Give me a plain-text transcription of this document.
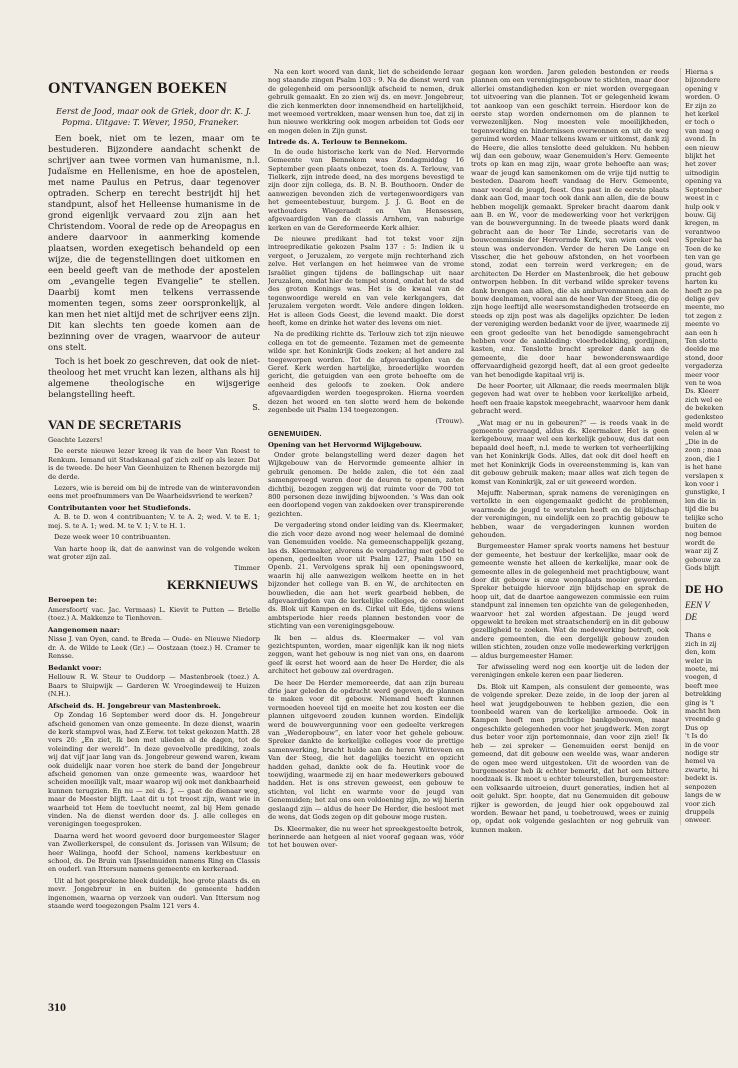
ONTVANGEN BOEKEN
Eerst de Jood, maar ook de Griek, door dr. K. J. Popma. Uitgave: T. Wever, 1950, Franeker.

Een boek, niet om te lezen, maar om te bestuderen. Bijzondere aandacht schenkt de schrijver aan twee vormen van humanisme, n.l. Judaïsme en Hellenisme, en hoe de apostelen, met name Paulus en Petrus, daar tegenover optraden. Scherp en terecht bestrijdt hij het standpunt, alsof het Helleense humanisme in de grond eigenlijk vervaard zou zijn aan het Christendom. Vooral de rede op de Areopagus en andere daarvoor in aanmerking komende plaatsen, worden exegetisch behandeld op een wijze, die de tegenstellingen doet uitkomen en een beeld geeft van de methode der apostelen om „evangelie tegen Evangelie” te stellen. Daarbij komt men telkens verrassende momenten tegen, soms zeer oorspronkelijk, al kan men het niet altijd met de schrijver eens zijn. Dit kan slechts ten goede komen aan de bezinning over de vragen, waarvoor de auteur ons stelt.

Toch is het boek zo geschreven, dat ook de niet-theoloog het met vrucht kan lezen, althans als hij algemene theologische en wijsgerige belangstelling heeft.

S.
VAN DE SECRETARIS

Geachte Lezers!

De eerste nieuwe lezer kreeg ik van de heer Van Roest te Renkum. Iemand uit Stadskanaal gaf zich zelf op als lezer. Dat is de tweede. De heer Van Geenhuizen te Rhenen bezorgde mij de derde.

Lezers, wie is bereid om bij de intrede van de winteravonden eens met proefnummers van De Waarheidsvriend te werken?

Contributanten voor het Studiefonds.

A. B. te D. won 4 contribuanten; V. te A. 2; wed. V. te E. 1; mej. S. te A. 1; wed. M. te V. 1; V. te H. 1.

Deze week weer 10 contribuanten.

Van harte hoop ik, dat de aanwinst van de volgende weken wat groter zijn zal.

Timmer
KERKNIEUWS
Beroepen te:

Amersfoort( vac. Jac. Vermaas) L. Kievit te Putten — Brielle (toez.) A. Makkenze te Tienhoven.

Aangenomen naar:

Nisse J. van Oyen, cand. te Breda — Oude- en Nieuwe Niedorp dr. A. de Wilde te Leek (Gr.) — Oostzaan (toez.) H. Cramer te Rensse.

Bedankt voor:

Hellouw R. W. Steur te Ouddorp — Mastenbroek (toez.) A. Baars te Sluipwijk — Garderen W. Vroegindeweij te Huizen (N.H.).

Afscheid ds. H. Jongebreur van Mastenbroek.

Op Zondag 16 September werd door ds. H. Jongebreur afscheid genomen van onze gemeente. In deze dienst, waarin de kerk stampvol was, had Z.Eerw. tot tekst gekozen Matth. 28 vers 20: „En ziet, Ik ben met ulieden al de dagen, tot de voleinding der wereld”. In deze gevoelvolle prediking, zoals wij dat vijf jaar lang van ds. Jongebreur gewend waren, kwam ook duidelijk naar voren hoe sterk de band der Jongebreur afscheid genomen van onze gemeente was, waardoor het scheiden moeilijk valt, maar waarop wij ook met dankbaarheid kunnen terugzien. En nu — zei ds. J. — gaat de dienaar weg, maar de Meester blijft. Laat dit u tot troost zijn, want wie in waarheid tot Hem de toevlucht neemt, zal bij Hem genade vinden. Na de dienst werden door ds. J. alle colleges en verenigingen toegesproken.

Daarna werd het woord gevoerd door burgemeester Slager van Zwollerkerspel, de consulent ds. Jorissen van Wilsum; de heer Walinga, hoofd der School, namens kerkbestuur en school, ds. De Bruin van IJsselmuiden namens Ring en Classis en ouderl. van Ittersum namens gemeente en kerkeraad.

Uit al het gesprokene bleek duidelijk, hoe grote plaats ds. en mevr. Jongebreur in en buiten de gemeente hadden ingenomen, waarna op verzoek van ouderl. Van Ittersum nog staande werd toegezongen Psalm 121 vers 4.

Na een kort woord van dank, liet de scheidende leraar nog staande zingen Psalm 103 : 9. Na de dienst werd van de gelegenheid om persoonlijk afscheid te nemen, druk gebruik gemaakt. En zo zien wij ds. en mevr. Jongebreur, die zich kenmerkten door innemendheid en hartelijkheid, met weemoed vertrekken, maar wensen hun toe, dat zij in hun nieuwe werkkring ook mogen arbeiden tot Gods eer en mogen delen in Zijn gunst.

Intrede ds. A. Terlouw te Bennekom.

In de oude historische kerk van de Ned. Hervormde Gemeente van Bennekom was Zondagmiddag 16 September geen plaats onbezet, toen ds. A. Terlouw, van Tielkerk, zijn intrede deed, na des morgens bevestigd te zijn door zijn collega, ds. B. N. B. Bouthoorn. Onder de aanwezigen bevonden zich de vertegenwoordigers van het gemeentebestuur, burgem. J. J. G. Boot en de wethouders Wiegeraadt en Van Hensessen, afgevaardigden van de classis Arnhem, van naburige kerken en van de Gereformeerde Kerk alhier.

De nieuwe predikant had tot tekst voor zijn intreepredikatie gekozen Psalm 137 : 5: Indien ik u vergeet, o Jeruzalem, zo vergete mijn rechterhand zich zelve. Het verlangen en het heimwee van de vrome Israëliet gingen tijdens de ballingschap uit naar Jeruzalem, omdat hier de tempel stond, omdat het de stad des groten Konings was. Het is de kwaal van de tegenwoordige wereld en van vele kerkgangers, dat Jeruzalem vergeten wordt. Vele andere dingen lokken. Het is alleen Gods Geest, die levend maakt. Die dorst heeft, kome en drinke het water des levens om niet.

Na de prediking richtte ds. Terlouw zich tot zijn nieuwe collega en tot de gemeente. Tezamen met de gemeente wilde spr. het Koninkrijk Gods zoeken; al het andere zal toegeworpen worden. Tot de afgevaardigden van de Geref. Kerk werden hartelijke, broederlijke woorden gericht, die getuigden van een grote behoefte om de eenheid des geloofs te zoeken. Ook andere afgevaardigden werden toegesproken. Hierna voerden dezen het woord en ten slotte werd hem de bekende zegenbede uit Psalm 134 toegezongen.

(Trouw).
GENEMUIDEN.
Opening van het Hervormd Wijkgebouw.

Onder grote belangstelling werd dezer dagen het Wijkgebouw van de Hervormde gemeente alhier in gebruik genomen. De helde zalen, die tot één zaal samengevoegd waren door de deuren te openen, zaten dichtbij, bezogen zeggen wij dat ruimte voor de 700 tot 800 personen deze inwijding bijwoonden. 's Was dan ook een doorlopend vegen van zakdoeken over transpirerende gezichten.

De vergadering stond onder leiding van ds. Kleermaker, die zich voor deze avond nog weer helemaal de dominé van Genemuiden voelde. Na gemeenschappelijk gezang, las ds. Kleermaker, alvorens de vergadering met gebed te openen, gedeelten voor uit Psalm 127, Psalm 150 en Openb. 21. Vervolgens sprak hij een openingswoord, waarin hij alle aanwezigen welkom heette en in het bijzonder het college van B. en W., de architecten en bouwlieden, die aan het werk gearbeid hebben, de afgevaardigden van de kerkelijke colleges, de consulent ds. Blok uit Kampen en ds. Cirkel uit Ede, tijdens wiens ambtsperiode hier reeds plannen bestonden voor de stichting van een verenigingsgebouw.

Ik ben — aldus ds. Kleermaker — vol van gezichtspunten, worden, maar eigenlijk kan ik nog niets zeggen, want het gebouw is nog niet van ons, en daarom geef ik eerst het woord aan de heer De Herder, die als architect het gebouw zal overdragen.

De heer De Herder memoreerde, dat aan zijn bureau drie jaar geleden de opdracht werd gegeven, de plannen te maken voor dit gebouw. Niemand heeft kunnen vermoeden hoeveel tijd en moeite het zou kosten eer die plannen uitgevoerd zouden kunnen worden. Eindelijk werd de bouwvergunning voor een gedeelte verkregen van „Wederopbouw”, en later voor het gehele gebouw. Spreker dankte de kerkelijke colleges voor de prettige samenwerking, bracht hulde aan de heren Witteveen en Van der Steeg, die het dagelijks toezicht en opzicht hadden gehad, dankte ook de fa. Heutink voor de toewijding, waarmede zij en haar medewerkers gebouwd hadden. Het is ons streven geweest, een gebouw te stichten, vol licht en warmte voor de jeugd van Genemuiden; het zal ons een voldoening zijn, zo wij hierin geslaagd zijn — aldus de heer De Herder, die besloot met de wens, dat Gods zegen op dit gebouw moge rusten.

Ds. Kleermaker, die nu weer het spreekgestoelte betrok, herinnerde aan hetgeen al niet vooraf gegaan was, vóór tot het bouwen over-

gegaan kon worden. Jaren geleden bestonden er reeds plannen om een verenigingsgebouw te stichten, maar door allerlei omstandigheden kon er niet worden overgegaan tot uitvoering van die plannen. Tot er gelegenheid kwam tot aankoop van een geschikt terrein. Hierdoor kon de eerste stap worden ondernomen om de plannen te verwezenlijken. Nog moesten vele moeilijkheden, tegenwerking en hindernissen overwonnen en uit de weg geruimd worden. Maar telkens kwam er uitkomst, dank zij de Heere, die alles tenslotte deed gelukken. Nu hebben wij dan een gebouw, waar Genemuiden's Herv. Gemeente trots op kan en mag zijn, waar grote behoefte aan was; waar de jeugd kan samenkomen om de vrije tijd nuttig te besteden. Daarom heeft vandaag de Herv. Gemeente, maar vooral de jeugd, feest. Ons past in de eerste plaats dank aan God, maar toch ook dank aan allen, die de bouw hebben mogelijk gemaakt. Spreker bracht daarom dank aan B. en W., voor de medewerking voor het verkrijgen van de bouwvergunning. In de tweede plaats werd dank gebracht aan de heer Ter Linde, secretaris van de bouwcommissie der Hervormde Kerk, van wien ook veel steun was ondervonden. Verder de heren De Lange en Visscher, die het gebouw afstonden, en het voorbeen stond, zodat een terrein werd verkregen; en de architecten De Herder en Mastenbroek, die het gebouw ontworpen hebben. In dit verband wilde spreker tevens dank brengen aan allen, die als amburvenmannen aan de bouw deelnamen, vooral aan de heer Van der Steeg, die op zijn hoge leeftijd alle weersomstandigheden trotseerde en steeds op zijn post was als dagelijks opzichter. De leden der vereniging werden bedankt voor de ijver, waarmede zij een groot gedeelte van het benodigde samengebracht hebben voor de aankleding: vloerbedekking, gordijnen, kasten, enz. Tenslotte bracht spreker dank aan de gemeente, die door haar bewonderenswaardige offervaardigheid gezorgd heeft, dat al een groot gedeelte van het benodigde kapitaal vrij is.

De heer Poorter, uit Alkmaar, die reeds meermalen blijk gegeven had wat over te hebben voor kerkelijke arbeid, heeft een fraaie kapstok meegebracht, waarvoor hem dank gebracht werd.

„Wat mag er nu in gebeuren?” — is reeds vaak in de gemeente gevraagd, aldus ds. Kleermaker. Het is geen kerkgebouw, maar wel een kerkelijk gebouw, dus dat een bepaald doel heeft, n.l. mede te werken tot verheerlijking van het Koninkrijk Gods. Alles, dat ook dit doel heeft en met het Koninkrijk Gods in overeenstemming is, kan van dit gebouw gebruik maken; maar alles wat zich tegen de komst van Koninkrijk, zal er uit geweerd worden.

Mejuffr. Naberman, sprak namens de verenigingen en vertolkte in een eigengemaakt gedicht de problemen, waarmede de jeugd te worstelen heeft en de blijdschap der verenigingen, nu eindelijk een zo prachtig gebouw te hebben, waar de vergaderingen kunnen worden gehouden.

Burgemeester Hamer sprak voorts namens het bestuur der gemeente, het bestuur der kerkelijke, maar ook de gemeente wenste het alleen de kerkelijke, maar ook de gemeente alles in de gelegenheid met prachtigbouw, want door dit gebouw is onze woonplaats mooier geworden. Spreker betuigde hiervoor zijn blijdschap en sprak de hoop uit, dat de daartoe aangewezen commissie een ruim standpunt zal innemen ten opzichte van de gelegenheden, waarvoor het zal worden afgestaan. De jeugd werd opgewekt te breken met straatschenderij en in dit gebouw gezelligheid te zoeken. Wat de medewerking betreft, ook andere gemeenten, die een dergelijk gebouw zouden willen stichten, zouden onze volle medewerking verkrijgen — aldus burgemeester Hamer.

Ter afwisseling werd nog een koortje uit de leden der verenigingen enkele keren een paar liederen.

Ds. Blok uit Kampen, als consulent der gemeente, was de volgende spreker. Deze zeide, in de loop der jaren al heel wat jeugdgebouwen te hebben gezien, die een toonbeeld waren van de kerkelijke armoede. Ook in Kampen heeft men prachtige bankgebouwen, maar ongeschikte gelegenheden voor het jeugdwerk. Men zorgt dus beter voor zijn portemonnaie, dan voor zijn ziel! Ik heb — zei spreker — Genemuiden eerst benijd en gemeend, dat dit gebouw een weelde was, waar anderen de ogen mee werd uitgestoken. Uit de woorden van de burgemeester heb ik echter bemerkt, dat het een bittere noodzaak is. Ik moet u echter teleurstellen, burgemeester: een volksaarde uitroeien, duurt generaties, indien het al ooit gelukt. Spr. hoopte, dat nu Genemuiden dit gebouw rijker is geworden, de jeugd hier ook opgebouwd zal worden. Bewaar het pand, u toebetrouwd, wees er zuinig op, opdat ook volgende geslachten er nog gebruik van kunnen maken.

Hierna s

bijzondere

opening v

worden. O

Er zijn zo

het kerkel

er toch o

van mag o

avond. In

een nieuw

blijkt het

het zover

uitnodigin

opening va

September

weest in c

hulp ook v

bouw. Gij

kregen, m

verantwoo

Spreker ha

Toen de ke

ten van ge

goud, wars

pracht geb

harten ku

heeft zo pa

delige gev

meente, mo

tot zegen z

meente vo

aan een h

Ten slotte

deelde me

stond, door

vergaderza

meer voor

ven te woa

Ds. Kleerr

zich wel ee

de bekeken

gedenksteo

meld wordt

velen al w

„Die in de

zoon ; maa

zoon, die I

is het hane

verslapen x

kon voor i

gunstigke, I

len die in

tijd die bu

telijke scho

buiten de

nog bemoe

wordt de

waar zij Z

gebouw za

Gods blijft

DE HO
EEN V
DE

Thans e

zich in zij

den, kom

weler in

moete, mi

voegen, d

beeft mee

betrekking

ging is 't

macht hen

vreemde g

Dus op

't Is do

in de voor

nodige str

hemel va

zwarte, hi

bedekt is.

senpozen

langs de w

voor zich

druppels

onweer.

310
